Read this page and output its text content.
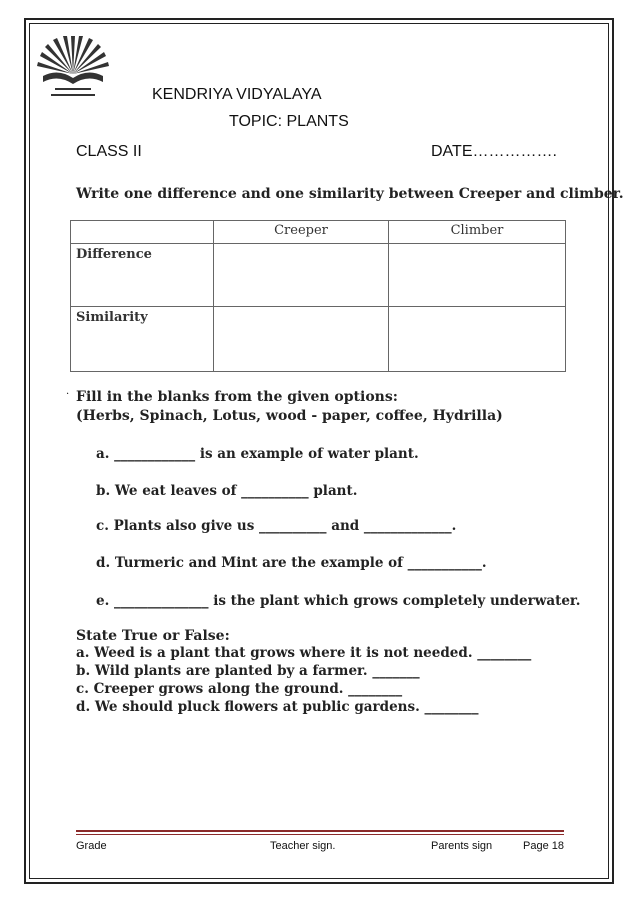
KENDRIYA VIDYALAYA
TOPIC: PLANTS
CLASS II	DATE…………….
Write one difference and one similarity between Creeper and climber.
	Creeper	Climber
Difference		
Similarity		
. Fill in the blanks from the given options:
(Herbs, Spinach, Lotus, wood - paper, coffee, Hydrilla)
a. ____________ is an example of water plant.
b. We eat leaves of __________ plant.
c. Plants also give us __________ and _____________.
d. Turmeric and Mint are the example of ___________.
e. ______________ is the plant which grows completely underwater.
State True or False:
a. Weed is a plant that grows where it is not needed. ________
b. Wild plants are planted by a farmer. _______
c. Creeper grows along the ground. ________
d. We should pluck flowers at public gardens. ________
Grade	Teacher sign.	Parents sign	Page 18
